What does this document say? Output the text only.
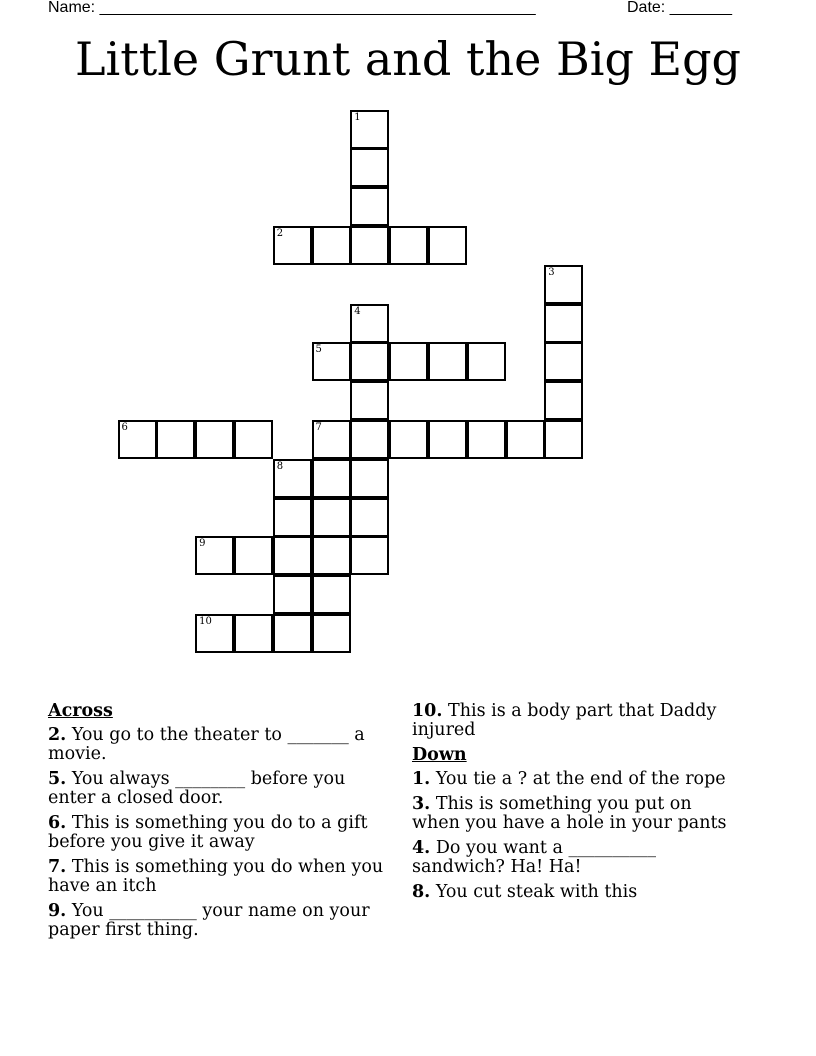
Name: _________________________________________________	Date: _______
Little Grunt and the Big Egg
1
2
3
4
5
6	7
8
9
10
Across
2. You go to the theater to _______ a movie.
5. You always ________ before you enter a closed door.
6. This is something you do to a gift before you give it away
7. This is something you do when you have an itch
9. You __________ your name on your paper first thing.
10. This is a body part that Daddy injured
Down
1. You tie a ? at the end of the rope
3. This is something you put on when you have a hole in your pants
4. Do you want a __________ sandwich? Ha! Ha!
8. You cut steak with this
